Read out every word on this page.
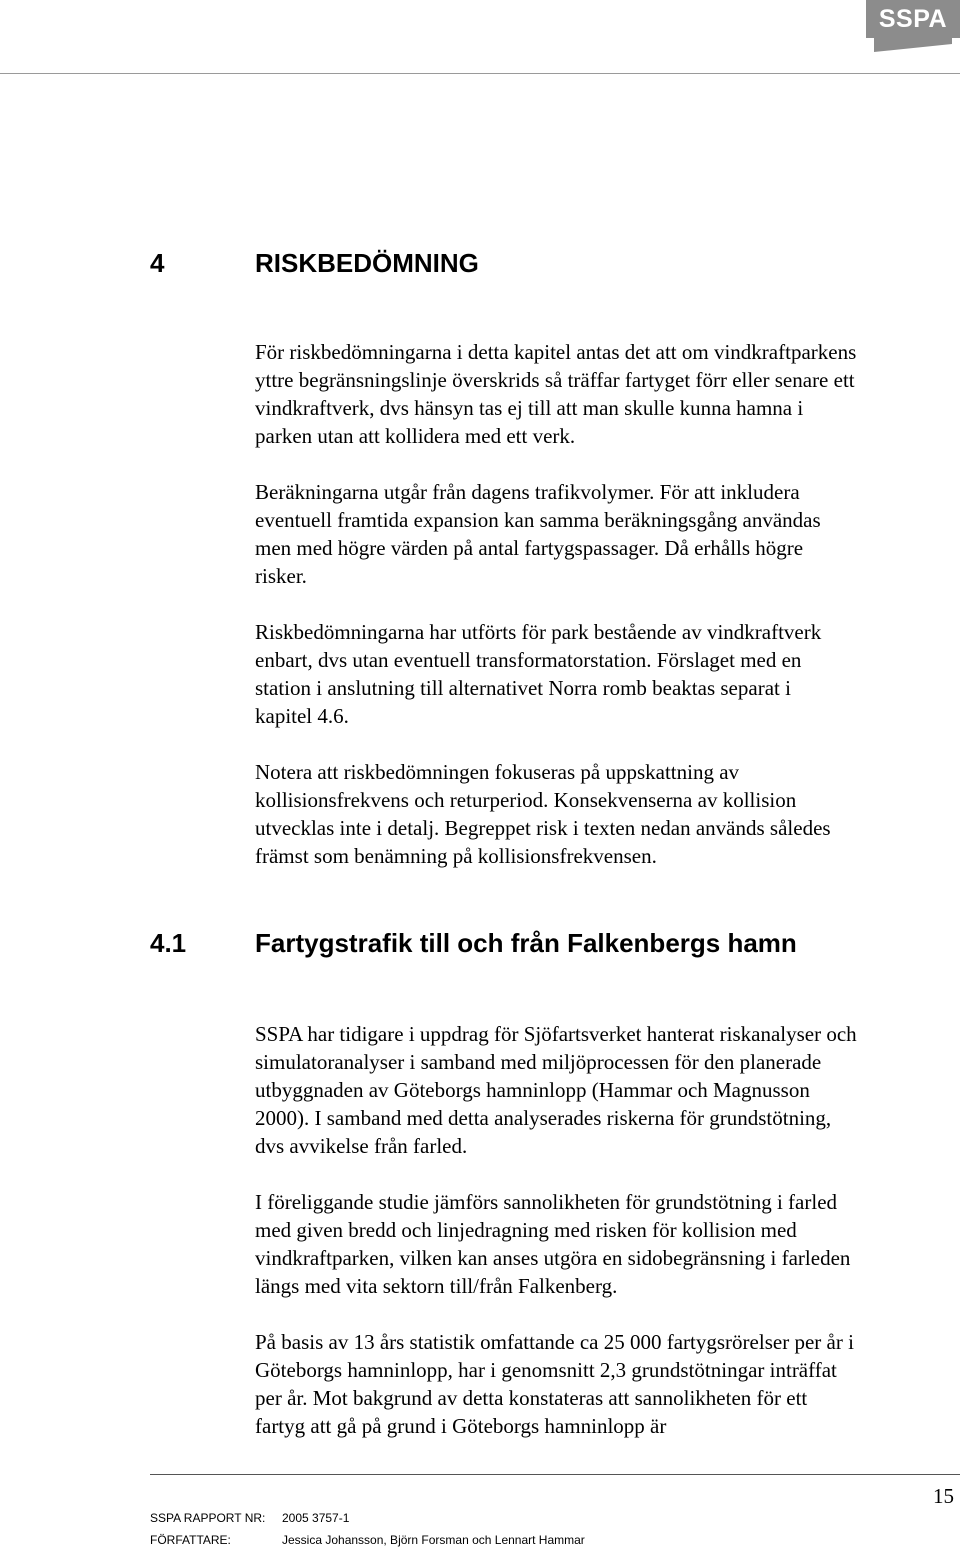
SSPA
4	RISKBEDÖMNING

För riskbedömningarna i detta kapitel antas det att om vindkraftparkens
yttre begränsningslinje överskrids så träffar fartyget förr eller senare ett
vindkraftverk, dvs hänsyn tas ej till att man skulle kunna hamna i
parken utan att kollidera med ett verk.

Beräkningarna utgår från dagens trafikvolymer. För att inkludera
eventuell framtida expansion kan samma beräkningsgång användas
men med högre värden på antal fartygspassager. Då erhålls högre
risker.

Riskbedömningarna har utförts för park bestående av vindkraftverk
enbart, dvs utan eventuell transformatorstation. Förslaget med en
station i anslutning till alternativet Norra romb beaktas separat i
kapitel 4.6.

Notera att riskbedömningen fokuseras på uppskattning av
kollisionsfrekvens och returperiod. Konsekvenserna av kollision
utvecklas inte i detalj. Begreppet risk i texten nedan används således
främst som benämning på kollisionsfrekvensen.

4.1	Fartygstrafik till och från Falkenbergs hamn

SSPA har tidigare i uppdrag för Sjöfartsverket hanterat riskanalyser och
simulatoranalyser i samband med miljöprocessen för den planerade
utbyggnaden av Göteborgs hamninlopp (Hammar och Magnusson
2000). I samband med detta analyserades riskerna för grundstötning,
dvs avvikelse från farled.

I föreliggande studie jämförs sannolikheten för grundstötning i farled
med given bredd och linjedragning med risken för kollision med
vindkraftparken, vilken kan anses utgöra en sidobegränsning i farleden
längs med vita sektorn till/från Falkenberg.

På basis av 13 års statistik omfattande ca 25 000 fartygsrörelser per år i
Göteborgs hamninlopp, har i genomsnitt 2,3 grundstötningar inträffat
per år. Mot bakgrund av detta konstateras att sannolikheten för ett
fartyg att gå på grund i Göteborgs hamninlopp är

15
SSPA RAPPORT NR: 2005 3757-1
FÖRFATTARE:	Jessica Johansson, Björn Forsman och Lennart Hammar
